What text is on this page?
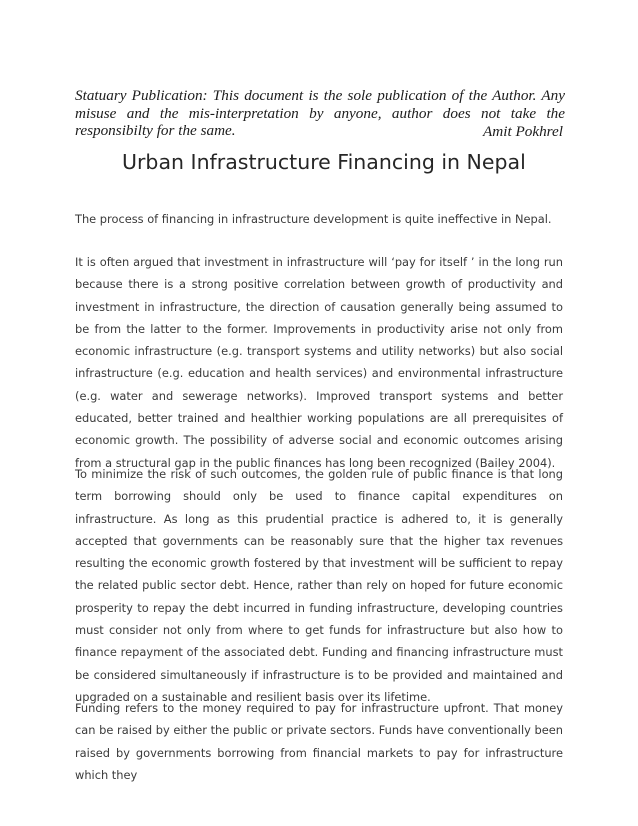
Statuary Publication: This document is the sole publication of the Author. Any misuse and the mis-interpretation by anyone, author does not take the responsibilty for the same.	Amit Pokhrel
Urban Infrastructure Financing in Nepal

The process of financing in infrastructure development is quite ineffective in Nepal.

It is often argued that investment in infrastructure will ‘pay for itself ’ in the long run because there is a strong positive correlation between growth of productivity and investment in infrastructure, the direction of causation generally being assumed to be from the latter to the former. Improvements in productivity arise not only from economic infrastructure (e.g. transport systems and utility networks) but also social infrastructure (e.g. education and health services) and environmental infrastructure (e.g. water and sewerage networks). Improved transport systems and better educated, better trained and healthier working populations are all prerequisites of economic growth. The possibility of adverse social and economic outcomes arising from a structural gap in the public finances has long been recognized (Bailey 2004).

To minimize the risk of such outcomes, the golden rule of public finance is that long term borrowing should only be used to finance capital expenditures on infrastructure. As long as this prudential practice is adhered to, it is generally accepted that governments can be reasonably sure that the higher tax revenues resulting the economic growth fostered by that investment will be sufficient to repay the related public sector debt. Hence, rather than rely on hoped for future economic prosperity to repay the debt incurred in funding infrastructure, developing countries must consider not only from where to get funds for infrastructure but also how to finance repayment of the associated debt. Funding and financing infrastructure must be considered simultaneously if infrastructure is to be provided and maintained and upgraded on a sustainable and resilient basis over its lifetime.

Funding refers to the money required to pay for infrastructure upfront. That money can be raised by either the public or private sectors. Funds have conventionally been raised by governments borrowing from financial markets to pay for infrastructure which they
